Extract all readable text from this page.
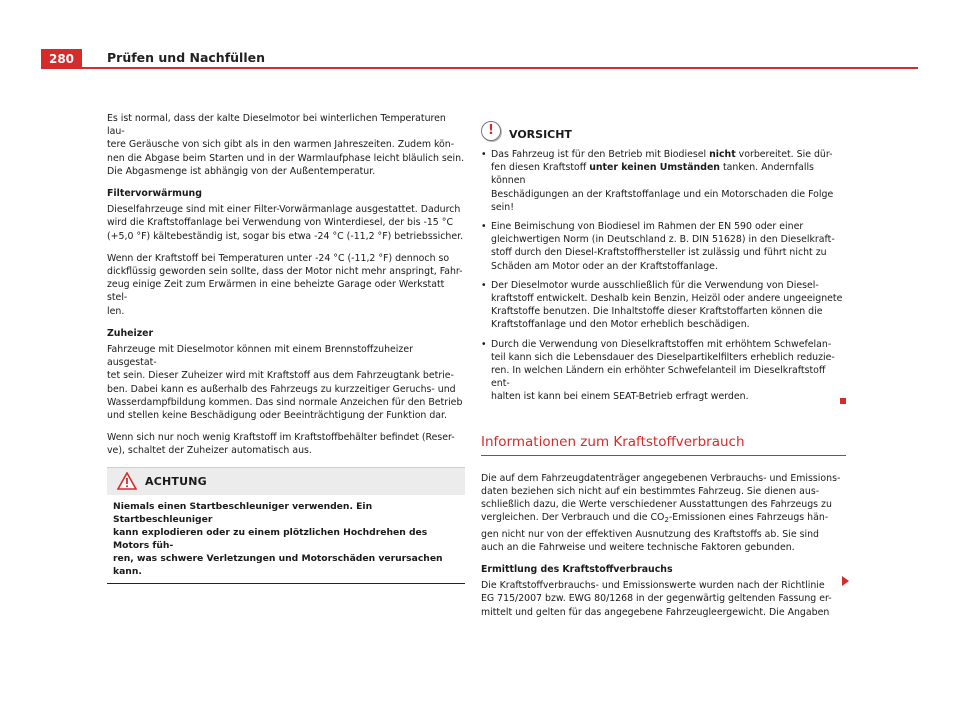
280	Prüfen und Nachfüllen
Es ist normal, dass der kalte Dieselmotor bei winterlichen Temperaturen lau-
tere Geräusche von sich gibt als in den warmen Jahreszeiten. Zudem kön-
nen die Abgase beim Starten und in der Warmlaufphase leicht bläulich sein.
Die Abgasmenge ist abhängig von der Außentemperatur.
Filtervorwärmung
Dieselfahrzeuge sind mit einer Filter-Vorwärmanlage ausgestattet. Dadurch
wird die Kraftstoffanlage bei Verwendung von Winterdiesel, der bis -15 °C
(+5,0 °F) kältebeständig ist, sogar bis etwa -24 °C (-11,2 °F) betriebssicher.
Wenn der Kraftstoff bei Temperaturen unter -24 °C (-11,2 °F) dennoch so
dickflüssig geworden sein sollte, dass der Motor nicht mehr anspringt, Fahr-
zeug einige Zeit zum Erwärmen in eine beheizte Garage oder Werkstatt stel-
len.
Zuheizer
Fahrzeuge mit Dieselmotor können mit einem Brennstoffzuheizer ausgestat-
tet sein. Dieser Zuheizer wird mit Kraftstoff aus dem Fahrzeugtank betrie-
ben. Dabei kann es außerhalb des Fahrzeugs zu kurzzeitiger Geruchs- und
Wasserdampfbildung kommen. Das sind normale Anzeichen für den Betrieb
und stellen keine Beschädigung oder Beeinträchtigung der Funktion dar.
Wenn sich nur noch wenig Kraftstoff im Kraftstoffbehälter befindet (Reser-
ve), schaltet der Zuheizer automatisch aus.
ACHTUNG
Niemals einen Startbeschleuniger verwenden. Ein Startbeschleuniger
kann explodieren oder zu einem plötzlichen Hochdrehen des Motors füh-
ren, was schwere Verletzungen und Motorschäden verursachen kann.
!	VORSICHT
• Das Fahrzeug ist für den Betrieb mit Biodiesel nicht vorbereitet. Sie dür-
fen diesen Kraftstoff unter keinen Umständen tanken. Andernfalls können
Beschädigungen an der Kraftstoffanlage und ein Motorschaden die Folge
sein!
• Eine Beimischung von Biodiesel im Rahmen der EN 590 oder einer
gleichwertigen Norm (in Deutschland z. B. DIN 51628) in den Dieselkraft-
stoff durch den Diesel-Kraftstoffhersteller ist zulässig und führt nicht zu
Schäden am Motor oder an der Kraftstoffanlage.
• Der Dieselmotor wurde ausschließlich für die Verwendung von Diesel-
kraftstoff entwickelt. Deshalb kein Benzin, Heizöl oder andere ungeeignete
Kraftstoffe benutzen. Die Inhaltstoffe dieser Kraftstoffarten können die
Kraftstoffanlage und den Motor erheblich beschädigen.
• Durch die Verwendung von Dieselkraftstoffen mit erhöhtem Schwefelan-
teil kann sich die Lebensdauer des Dieselpartikelfilters erheblich reduzie-
ren. In welchen Ländern ein erhöhter Schwefelanteil im Dieselkraftstoff ent-
halten ist kann bei einem SEAT-Betrieb erfragt werden.
Informationen zum Kraftstoffverbrauch
Die auf dem Fahrzeugdatenträger angegebenen Verbrauchs- und Emissions-
daten beziehen sich nicht auf ein bestimmtes Fahrzeug. Sie dienen aus-
schließlich dazu, die Werte verschiedener Ausstattungen des Fahrzeugs zu
vergleichen. Der Verbrauch und die $CO_2$-Emissionen eines Fahrzeugs hän-
gen nicht nur von der effektiven Ausnutzung des Kraftstoffs ab. Sie sind
auch an die Fahrweise und weitere technische Faktoren gebunden.
Ermittlung des Kraftstoffverbrauchs
Die Kraftstoffverbrauchs- und Emissionswerte wurden nach der Richtlinie
EG 715/2007 bzw. EWG 80/1268 in der gegenwärtig geltenden Fassung er-
mittelt und gelten für das angegebene Fahrzeugleergewicht. Die Angaben
